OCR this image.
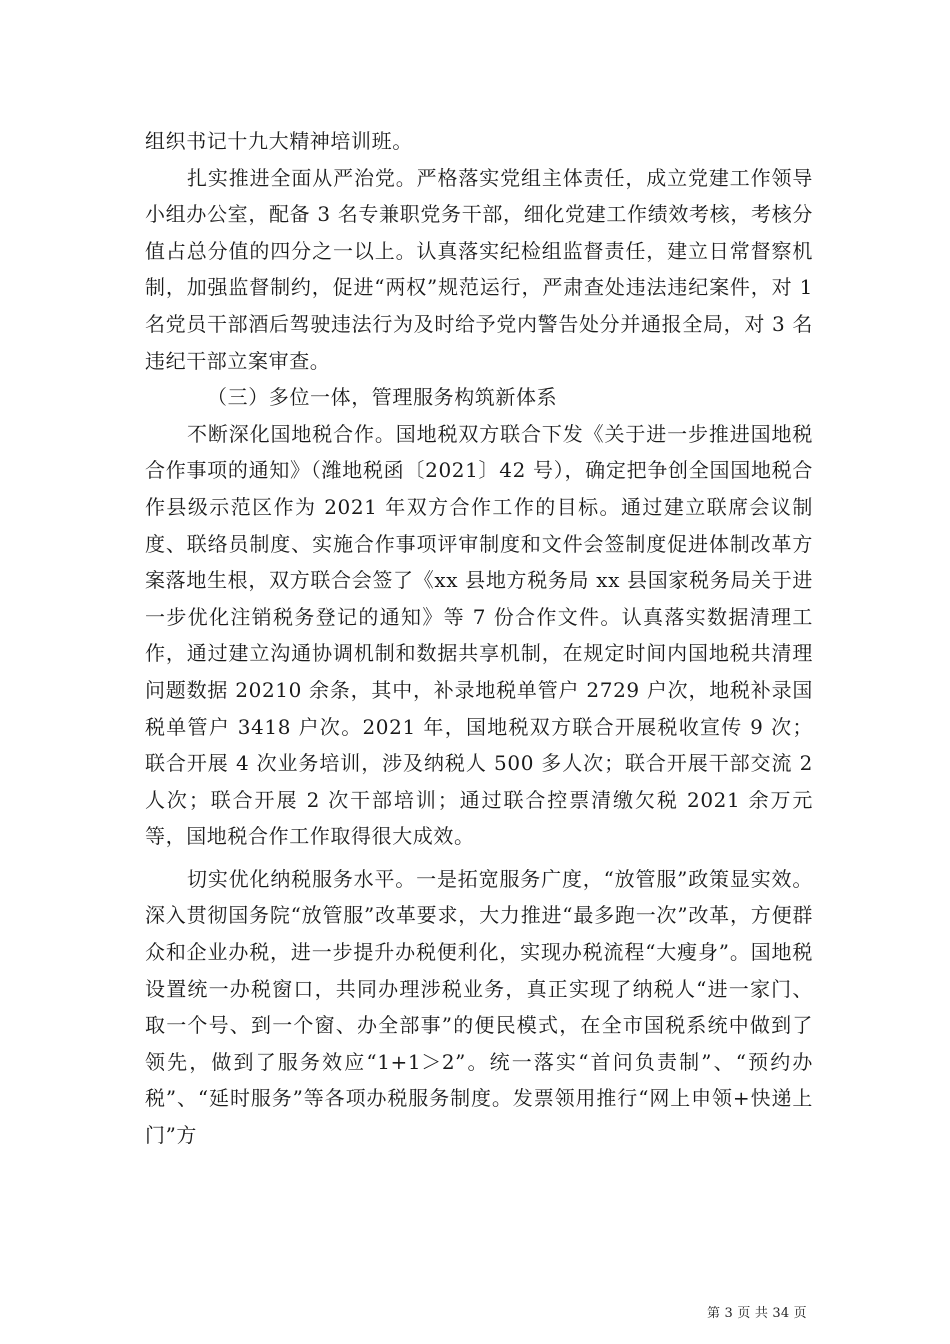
组织书记十九大精神培训班。

扎实推进全面从严治党。严格落实党组主体责任，成立党建工作领导小组办公室，配备 3 名专兼职党务干部，细化党建工作绩效考核，考核分值占总分值的四分之一以上。认真落实纪检组监督责任，建立日常督察机制，加强监督制约，促进“两权”规范运行，严肃查处违法违纪案件，对 1 名党员干部酒后驾驶违法行为及时给予党内警告处分并通报全局，对 3 名违纪干部立案审查。

（三）多位一体，管理服务构筑新体系

不断深化国地税合作。国地税双方联合下发《关于进一步推进国地税合作事项的通知》（潍地税函〔2021〕42 号），确定把争创全国国地税合作县级示范区作为 2021 年双方合作工作的目标。通过建立联席会议制度、联络员制度、实施合作事项评审制度和文件会签制度促进体制改革方案落地生根，双方联合会签了《xx 县地方税务局 xx 县国家税务局关于进一步优化注销税务登记的通知》等 7 份合作文件。认真落实数据清理工作，通过建立沟通协调机制和数据共享机制，在规定时间内国地税共清理问题数据 20210 余条，其中，补录地税单管户 2729 户次，地税补录国税单管户 3418 户次。2021 年，国地税双方联合开展税收宣传 9 次；联合开展 4 次业务培训，涉及纳税人 500 多人次；联合开展干部交流 2 人次；联合开展 2 次干部培训；通过联合控票清缴欠税 2021 余万元等，国地税合作工作取得很大成效。

切实优化纳税服务水平。一是拓宽服务广度，“放管服”政策显实效。深入贯彻国务院“放管服”改革要求，大力推进“最多跑一次”改革，方便群众和企业办税，进一步提升办税便利化，实现办税流程“大瘦身”。国地税设置统一办税窗口，共同办理涉税业务，真正实现了纳税人“进一家门、取一个号、到一个窗、办全部事”的便民模式，在全市国税系统中做到了领先，做到了服务效应“1+1＞2”。统一落实“首问负责制”、“预约办税”、“延时服务”等各项办税服务制度。发票领用推行“网上申领+快递上门”方

第 3 页 共 34 页
